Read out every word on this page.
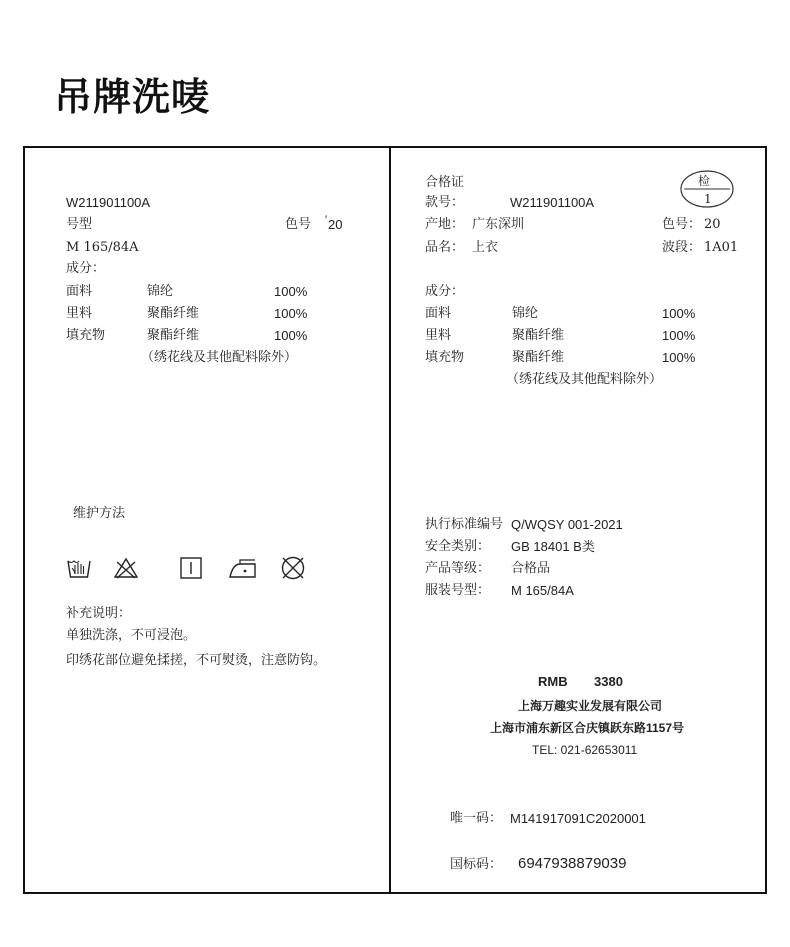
吊牌洗唛
W211901100A
号型	色号 ′ 20
M 165/84A
成分：
面料	锦纶	100%
里料	聚酯纤维	100%
填充物	聚酯纤维	100%
（绣花线及其他配料除外）
维护方法
补充说明：
单独洗涤，不可浸泡。
印绣花部位避免揉搓，不可熨烫，注意防钩。
合格证	检
1
款号：	W211901100A
产地： 广东深圳	色号： 20
品名： 上衣	波段： 1A01
成分：
面料	锦纶	100%
里料	聚酯纤维	100%
填充物	聚酯纤维	100%
（绣花线及其他配料除外）
执行标准编号 Q/WQSY 001-2021
安全类别： GB 18401 B类
产品等级： 合格品
服装号型： M 165/84A
RMB 3380
上海万趣实业发展有限公司
上海市浦东新区合庆镇跃东路1157号
TEL: 021-62653011
唯一码： M141917091C2020001
国标码： 6947938879039
